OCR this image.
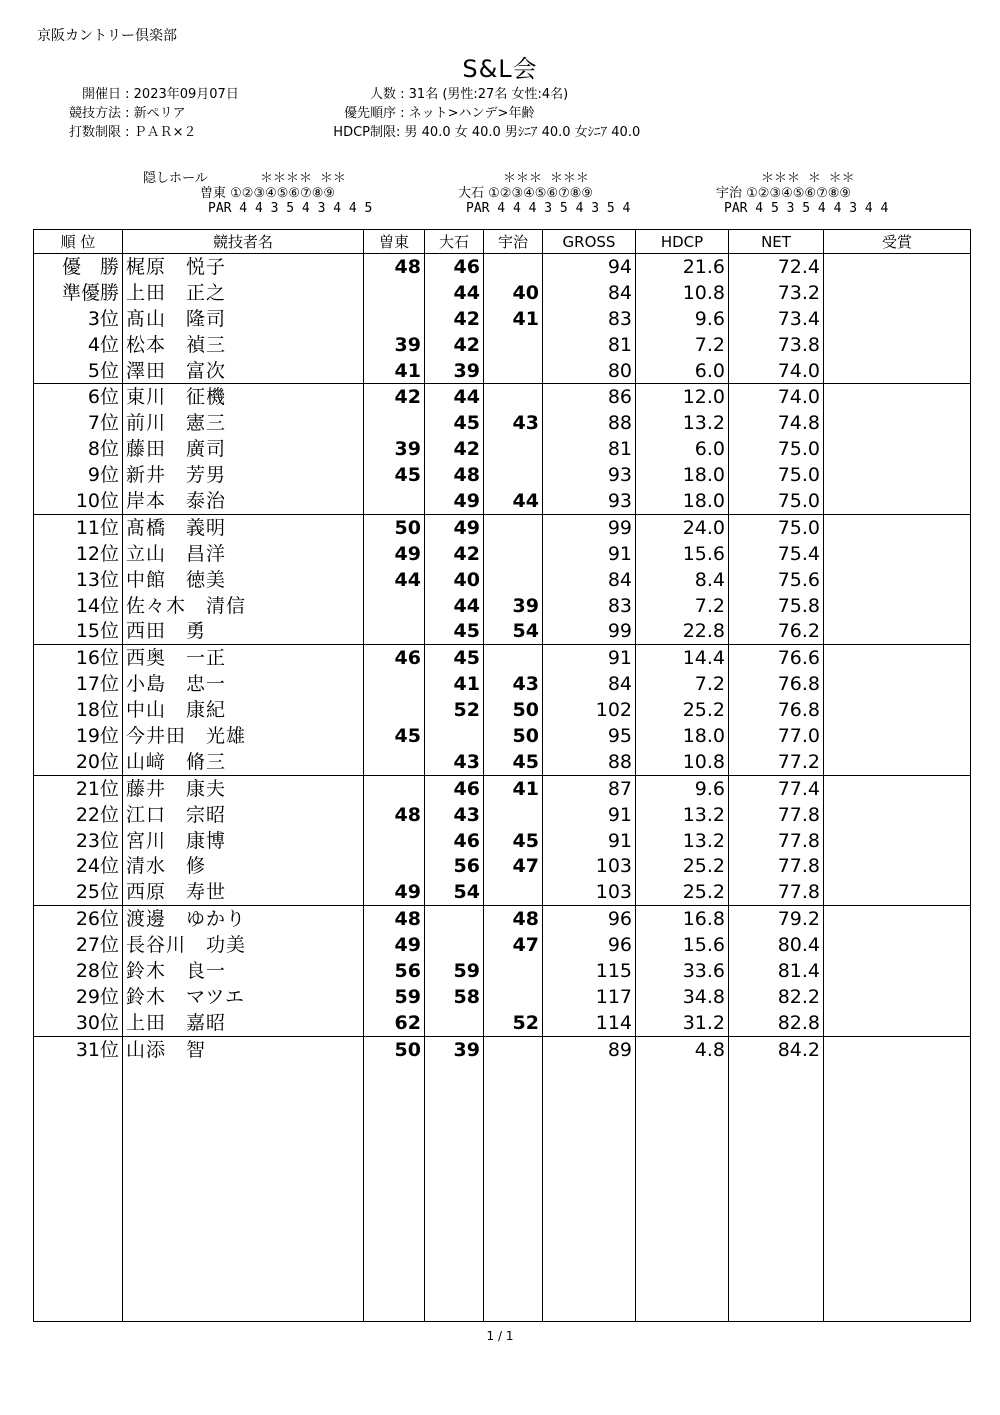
京阪カントリー倶楽部
S&L会
開催日 : 2023年09月07日
競技方法 : 新ペリア
打数制限 : ＰＡＲ×２
人数 : 31名 (男性:27名 女性:4名)
優先順序 : ネット>ハンデ>年齢
HDCP制限: 男 40.0 女 40.0 男ｼﾆｱ 40.0 女ｼﾆｱ 40.0
隠しホール	＊＊＊＊ ＊＊
曽東 ①②③④⑤⑥⑦⑧⑨
PAR 4 4 3 5 4 3 4 4 5
＊＊＊ ＊＊＊
大石 ①②③④⑤⑥⑦⑧⑨
PAR 4 4 4 3 5 4 3 5 4
＊＊＊ ＊ ＊＊
宇治 ①②③④⑤⑥⑦⑧⑨
PAR 4 5 3 5 4 4 3 4 4
順 位	競技者名	曽東	大石	宇治	GROSS	HDCP	NET	受賞
優　勝	梶原　悦子	48	46		94	21.6	72.4	
準優勝	上田　正之		44	40	84	10.8	73.2	
3位	髙山　隆司		42	41	83	9.6	73.4	
4位	松本　禎三	39	42		81	7.2	73.8	
5位	澤田　富次	41	39		80	6.0	74.0	
6位	東川　征機	42	44		86	12.0	74.0	
7位	前川　憲三		45	43	88	13.2	74.8	
8位	藤田　廣司	39	42		81	6.0	75.0	
9位	新井　芳男	45	48		93	18.0	75.0	
10位	岸本　泰治		49	44	93	18.0	75.0	
11位	髙橋　義明	50	49		99	24.0	75.0	
12位	立山　昌洋	49	42		91	15.6	75.4	
13位	中館　徳美	44	40		84	8.4	75.6	
14位	佐々木　清信		44	39	83	7.2	75.8	
15位	西田　勇		45	54	99	22.8	76.2	
16位	西奥　一正	46	45		91	14.4	76.6	
17位	小島　忠一		41	43	84	7.2	76.8	
18位	中山　康紀		52	50	102	25.2	76.8	
19位	今井田　光雄	45		50	95	18.0	77.0	
20位	山﨑　脩三		43	45	88	10.8	77.2	
21位	藤井　康夫		46	41	87	9.6	77.4	
22位	江口　宗昭	48	43		91	13.2	77.8	
23位	宮川　康博		46	45	91	13.2	77.8	
24位	清水　修		56	47	103	25.2	77.8	
25位	西原　寿世	49	54		103	25.2	77.8	
26位	渡邊　ゆかり	48		48	96	16.8	79.2	
27位	長谷川　功美	49		47	96	15.6	80.4	
28位	鈴木　良一	56	59		115	33.6	81.4	
29位	鈴木　マツエ	59	58		117	34.8	82.2	
30位	上田　嘉昭	62		52	114	31.2	82.8	
31位	山添　智	50	39		89	4.8	84.2	

1 / 1
